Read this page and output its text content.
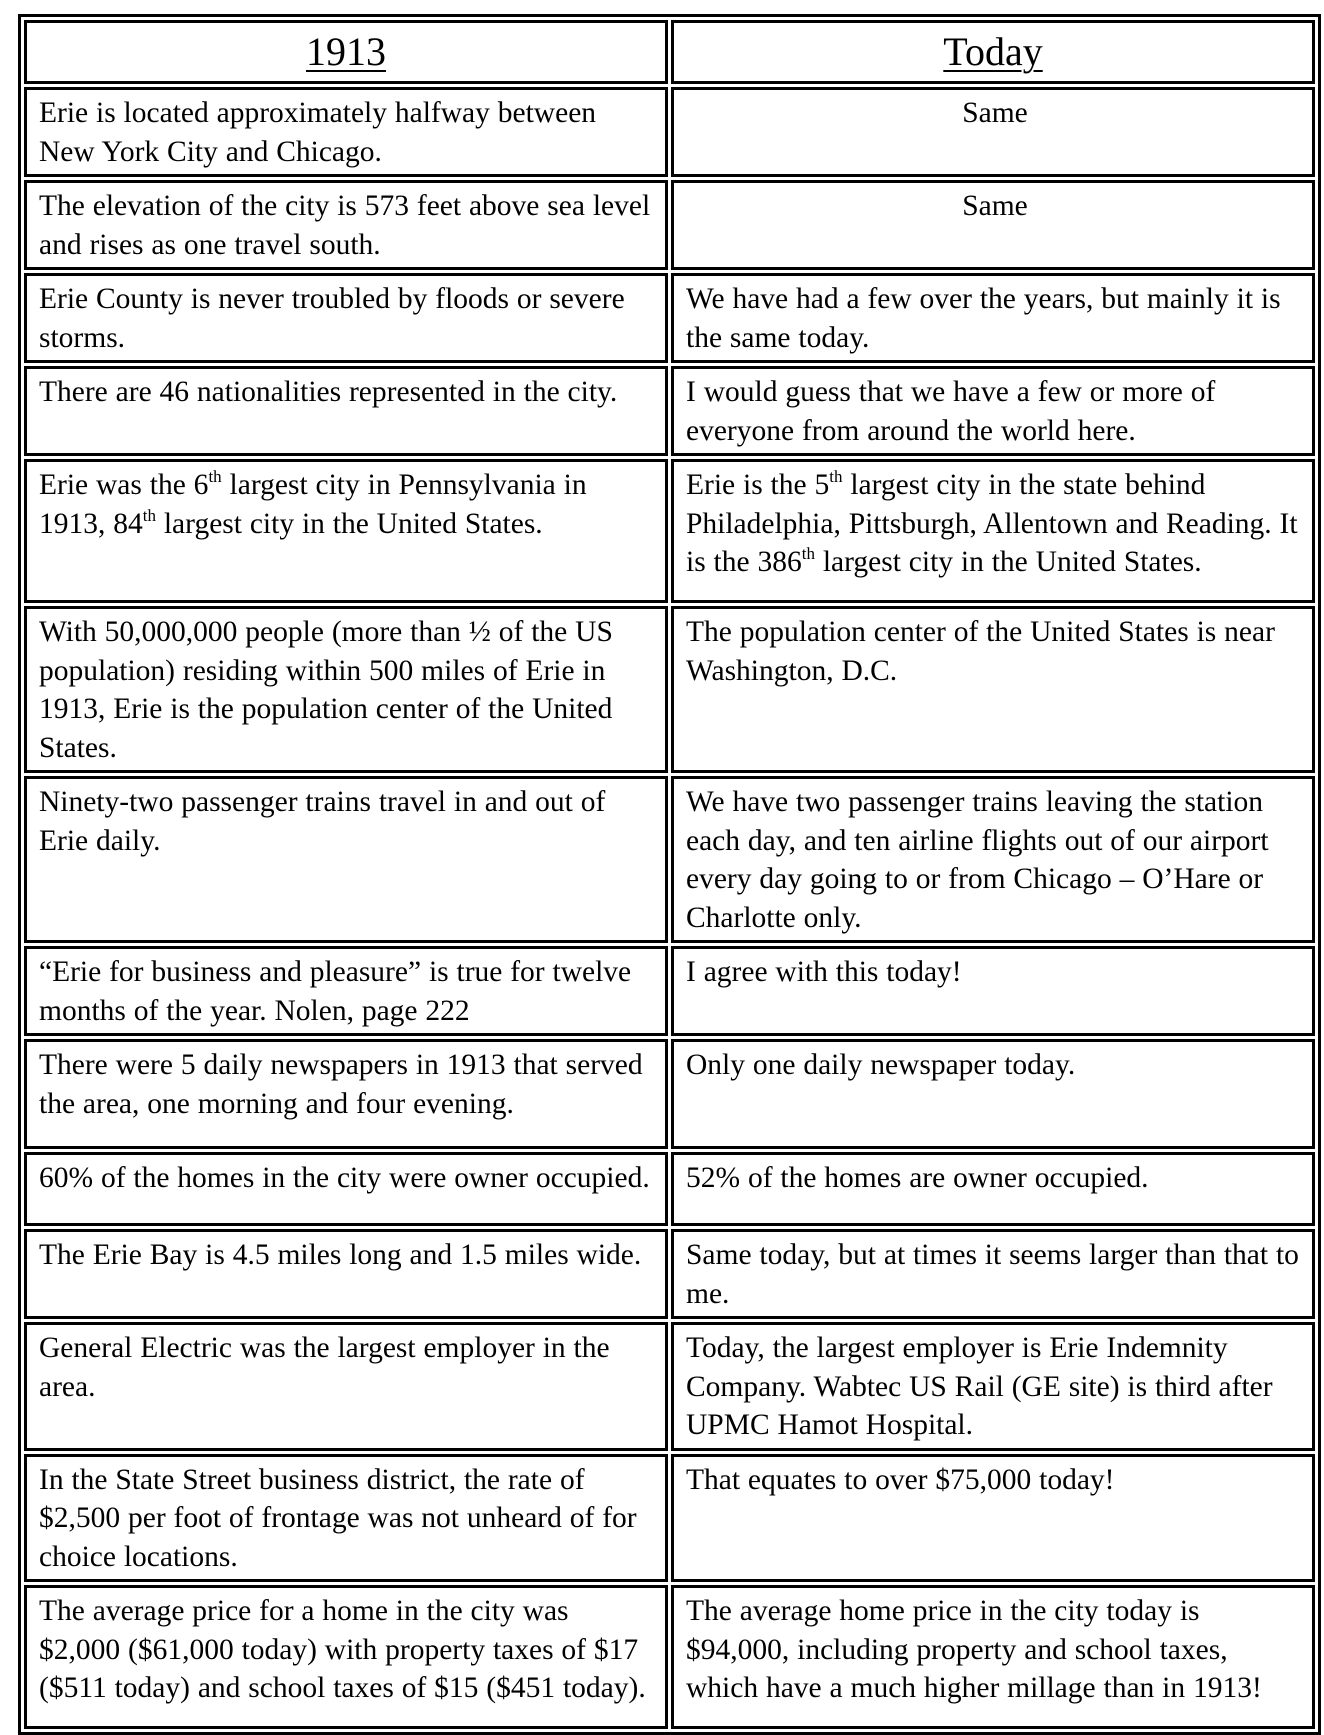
1913	Today
Erie is located approximately halfway between New York City and Chicago.	Same
The elevation of the city is 573 feet above sea level and rises as one travel south.	Same
Erie County is never troubled by floods or severe storms.	We have had a few over the years, but mainly it is the same today.
There are 46 nationalities represented in the city.	I would guess that we have a few or more of everyone from around the world here.
Erie was the 6th largest city in Pennsylvania in 1913, 84th largest city in the United States.	Erie is the 5th largest city in the state behind Philadelphia, Pittsburgh, Allentown and Reading. It is the 386th largest city in the United States.
With 50,000,000 people (more than ½ of the US population) residing within 500 miles of Erie in 1913, Erie is the population center of the United States.	The population center of the United States is near Washington, D.C.
Ninety-two passenger trains travel in and out of Erie daily.	We have two passenger trains leaving the station each day, and ten airline flights out of our airport every day going to or from Chicago – O’Hare or Charlotte only.
“Erie for business and pleasure” is true for twelve months of the year. Nolen, page 222	I agree with this today!
There were 5 daily newspapers in 1913 that served the area, one morning and four evening.	Only one daily newspaper today.
60% of the homes in the city were owner occupied.	52% of the homes are owner occupied.
The Erie Bay is 4.5 miles long and 1.5 miles wide.	Same today, but at times it seems larger than that to me.
General Electric was the largest employer in the area.	Today, the largest employer is Erie Indemnity Company. Wabtec US Rail (GE site) is third after UPMC Hamot Hospital.
In the State Street business district, the rate of $2,500 per foot of frontage was not unheard of for choice locations.	That equates to over $75,000 today!
The average price for a home in the city was $2,000 ($61,000 today) with property taxes of $17 ($511 today) and school taxes of $15 ($451 today).	The average home price in the city today is $94,000, including property and school taxes, which have a much higher millage than in 1913!
